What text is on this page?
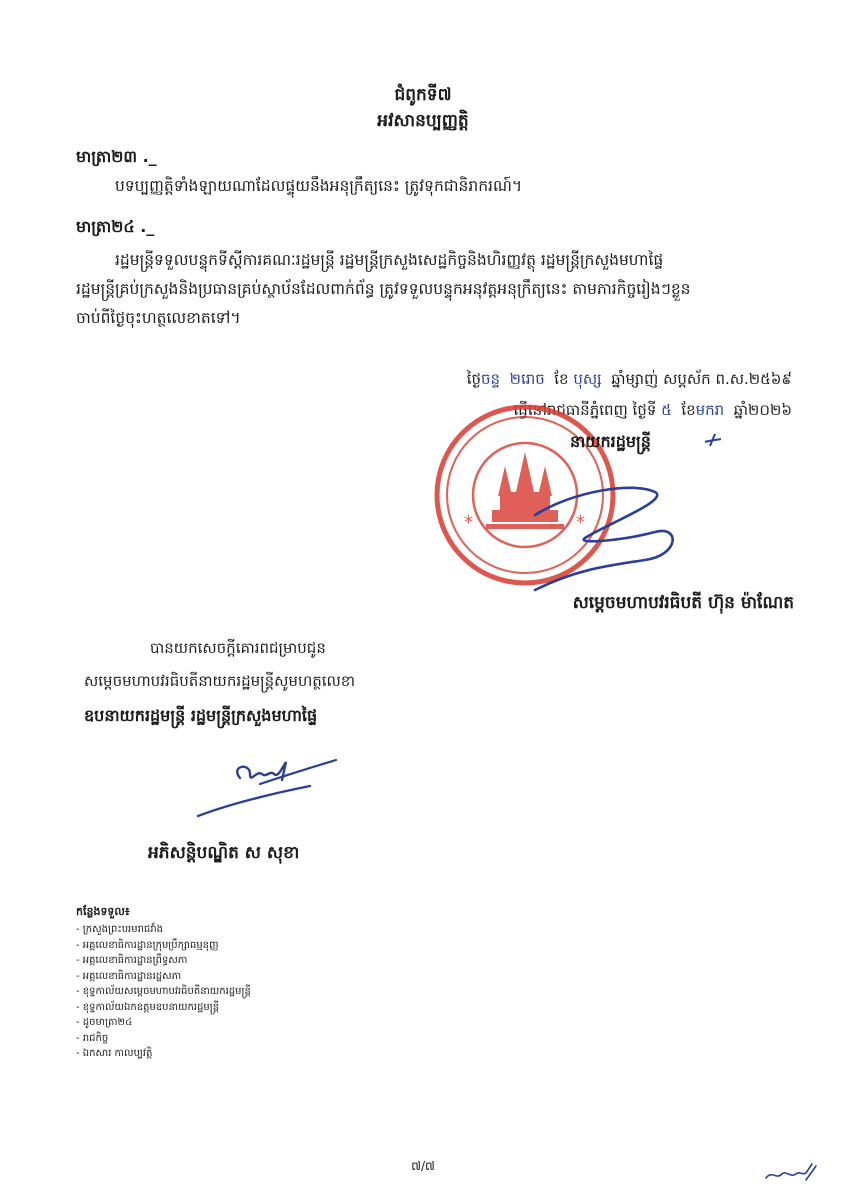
ជំពូកទី៧
អវសានប្បញ្ញត្តិ
មាត្រា២៣ ._
បទប្បញ្ញត្តិទាំងឡាយណាដែលផ្ទុយនឹងអនុក្រឹត្យនេះ ត្រូវទុកជានិរាករណ៍។
មាត្រា២៤ ._
រដ្ឋមន្ត្រីទទួលបន្ទុកទីស្តីការគណៈរដ្ឋមន្ត្រី រដ្ឋមន្ត្រីក្រសួងសេដ្ឋកិច្ចនិងហិរញ្ញវត្ថុ រដ្ឋមន្ត្រីក្រសួងមហាផ្ទៃ
រដ្ឋមន្ត្រីគ្រប់ក្រសួងនិងប្រធានគ្រប់ស្ថាប័នដែលពាក់ព័ន្ធ ត្រូវទទួលបន្ទុកអនុវត្តអនុក្រឹត្យនេះ តាមភារកិច្ចរៀងៗខ្លួន
ចាប់ពីថ្ងៃចុះហត្ថលេខាតទៅ។
ថ្ងៃចន្ទ ២រោច ខែ បុស្ស ឆ្នាំម្សាញ់ សប្តស័ក ព.ស.២៥៦៩
ធ្វើនៅរាជធានីភ្នំពេញ ថ្ងៃទី ៥ ខែមករា ឆ្នាំ២០២៦
*	*
នាយករដ្ឋមន្ត្រី
សម្តេចមហាបវរធិបតី ហ៊ុន ម៉ាណែត
បានយកសេចក្តីគោរពជម្រាបជូន
សម្តេចមហាបវរធិបតីនាយករដ្ឋមន្ត្រីសូមហត្ថលេខា
ឧបនាយករដ្ឋមន្ត្រី រដ្ឋមន្ត្រីក្រសួងមហាផ្ទៃ
អភិសន្តិបណ្ឌិត ស សុខា
កន្លែងទទួល៖
- ក្រសួងព្រះបរមរាជវាំង
- អគ្គលេខាធិការដ្ឋានក្រុមប្រឹក្សាធម្មនុញ្ញ
- អគ្គលេខាធិការដ្ឋានព្រឹទ្ធសភា
- អគ្គលេខាធិការដ្ឋានរដ្ឋសភា
- ខុទ្ទកាល័យសម្តេចមហាបវរធិបតីនាយករដ្ឋមន្ត្រី
- ខុទ្ទកាល័យឯកឧត្តមឧបនាយករដ្ឋមន្ត្រី
- ដូចមាត្រា២៤
- រាជកិច្ច
- ឯកសារ កាលប្បវត្តិ
៧/៧
